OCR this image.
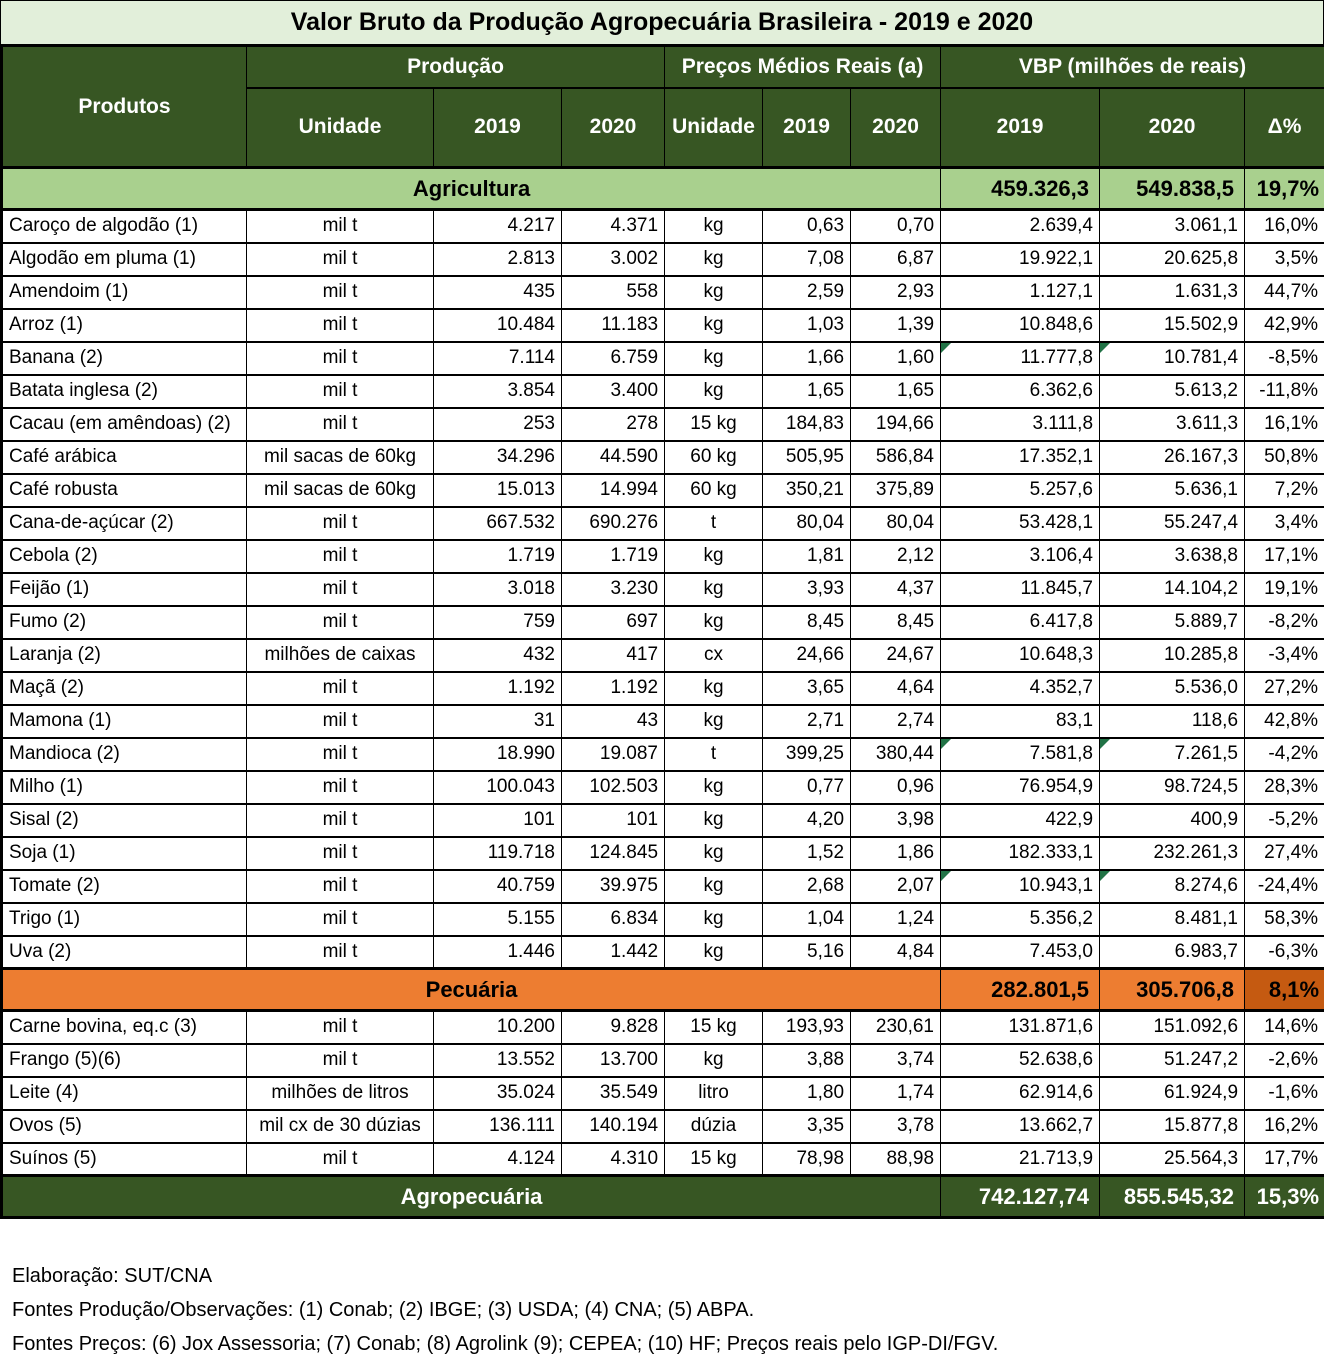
Valor Bruto da Produção Agropecuária Brasileira - 2019 e 2020
Produtos	Produção			Preços Médios Reais (a)			VBP (milhões de reais)		
	Unidade	2019	2020	Unidade	2019	2020	2019	2020	Δ%
Agricultura							459.326,3	549.838,5	19,7%
Caroço de algodão (1)	mil t	4.217	4.371	kg	0,63	0,70	2.639,4	3.061,1	16,0%
Algodão em pluma (1)	mil t	2.813	3.002	kg	7,08	6,87	19.922,1	20.625,8	3,5%
Amendoim (1)	mil t	435	558	kg	2,59	2,93	1.127,1	1.631,3	44,7%
Arroz (1)	mil t	10.484	11.183	kg	1,03	1,39	10.848,6	15.502,9	42,9%
Banana (2)	mil t	7.114	6.759	kg	1,66	1,60	11.777,8	10.781,4	-8,5%
Batata inglesa (2)	mil t	3.854	3.400	kg	1,65	1,65	6.362,6	5.613,2	-11,8%
Cacau (em amêndoas) (2)	mil t	253	278	15 kg	184,83	194,66	3.111,8	3.611,3	16,1%
Café arábica	mil sacas de 60kg	34.296	44.590	60 kg	505,95	586,84	17.352,1	26.167,3	50,8%
Café robusta	mil sacas de 60kg	15.013	14.994	60 kg	350,21	375,89	5.257,6	5.636,1	7,2%
Cana-de-açúcar (2)	mil t	667.532	690.276	t	80,04	80,04	53.428,1	55.247,4	3,4%
Cebola (2)	mil t	1.719	1.719	kg	1,81	2,12	3.106,4	3.638,8	17,1%
Feijão (1)	mil t	3.018	3.230	kg	3,93	4,37	11.845,7	14.104,2	19,1%
Fumo (2)	mil t	759	697	kg	8,45	8,45	6.417,8	5.889,7	-8,2%
Laranja (2)	milhões de caixas	432	417	cx	24,66	24,67	10.648,3	10.285,8	-3,4%
Maçã (2)	mil t	1.192	1.192	kg	3,65	4,64	4.352,7	5.536,0	27,2%
Mamona (1)	mil t	31	43	kg	2,71	2,74	83,1	118,6	42,8%
Mandioca (2)	mil t	18.990	19.087	t	399,25	380,44	7.581,8	7.261,5	-4,2%
Milho (1)	mil t	100.043	102.503	kg	0,77	0,96	76.954,9	98.724,5	28,3%
Sisal (2)	mil t	101	101	kg	4,20	3,98	422,9	400,9	-5,2%
Soja (1)	mil t	119.718	124.845	kg	1,52	1,86	182.333,1	232.261,3	27,4%
Tomate (2)	mil t	40.759	39.975	kg	2,68	2,07	10.943,1	8.274,6	-24,4%
Trigo (1)	mil t	5.155	6.834	kg	1,04	1,24	5.356,2	8.481,1	58,3%
Uva (2)	mil t	1.446	1.442	kg	5,16	4,84	7.453,0	6.983,7	-6,3%
Pecuária							282.801,5	305.706,8	8,1%
Carne bovina, eq.c (3)	mil t	10.200	9.828	15 kg	193,93	230,61	131.871,6	151.092,6	14,6%
Frango (5)(6)	mil t	13.552	13.700	kg	3,88	3,74	52.638,6	51.247,2	-2,6%
Leite (4)	milhões de litros	35.024	35.549	litro	1,80	1,74	62.914,6	61.924,9	-1,6%
Ovos (5)	mil cx de 30 dúzias	136.111	140.194	dúzia	3,35	3,78	13.662,7	15.877,8	16,2%
Suínos (5)	mil t	4.124	4.310	15 kg	78,98	88,98	21.713,9	25.564,3	17,7%
Agropecuária							742.127,74	855.545,32	15,3%
Elaboração: SUT/CNA
Fontes Produção/Observações: (1) Conab; (2) IBGE; (3) USDA; (4) CNA; (5) ABPA.
Fontes Preços: (6) Jox Assessoria; (7) Conab; (8) Agrolink (9); CEPEA; (10) HF; Preços reais pelo IGP-DI/FGV.
